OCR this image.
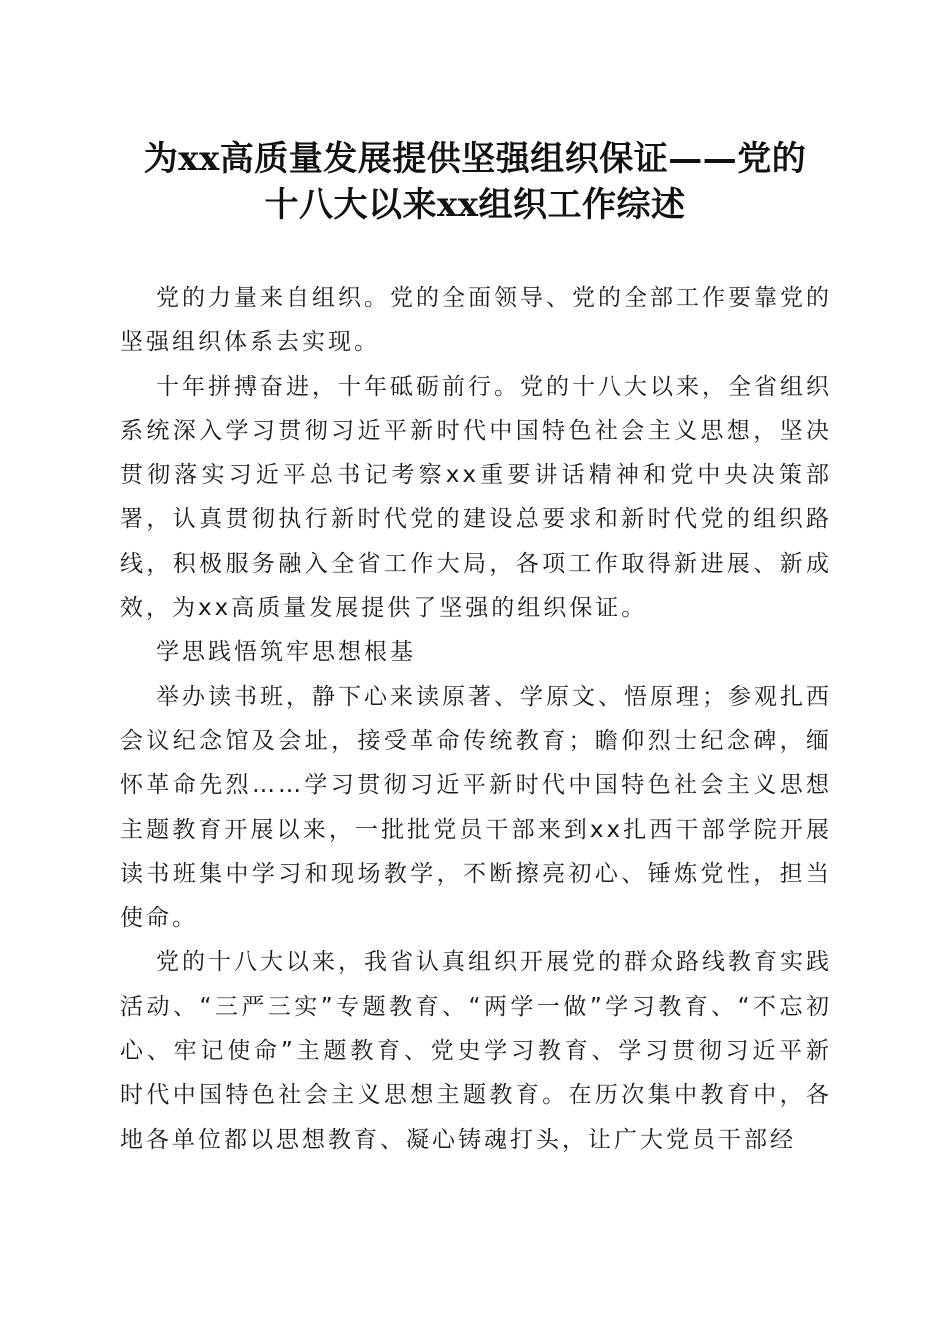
为xx高质量发展提供坚强组织保证——党的
十八大以来xx组织工作综述

党的力量来自组织。党的全面领导、党的全部工作要靠党的坚强组织体系去实现。

十年拼搏奋进，十年砥砺前行。党的十八大以来，全省组织系统深入学习贯彻习近平新时代中国特色社会主义思想，坚决贯彻落实习近平总书记考察xx重要讲话精神和党中央决策部署，认真贯彻执行新时代党的建设总要求和新时代党的组织路线，积极服务融入全省工作大局，各项工作取得新进展、新成效，为xx高质量发展提供了坚强的组织保证。

学思践悟筑牢思想根基

举办读书班，静下心来读原著、学原文、悟原理；参观扎西会议纪念馆及会址，接受革命传统教育；瞻仰烈士纪念碑，缅怀革命先烈……学习贯彻习近平新时代中国特色社会主义思想主题教育开展以来，一批批党员干部来到xx扎西干部学院开展读书班集中学习和现场教学，不断擦亮初心、锤炼党性，担当使命。

党的十八大以来，我省认真组织开展党的群众路线教育实践活动、“三严三实”专题教育、“两学一做”学习教育、“不忘初心、牢记使命”主题教育、党史学习教育、学习贯彻习近平新时代中国特色社会主义思想主题教育。在历次集中教育中，各地各单位都以思想教育、凝心铸魂打头，让广大党员干部经
